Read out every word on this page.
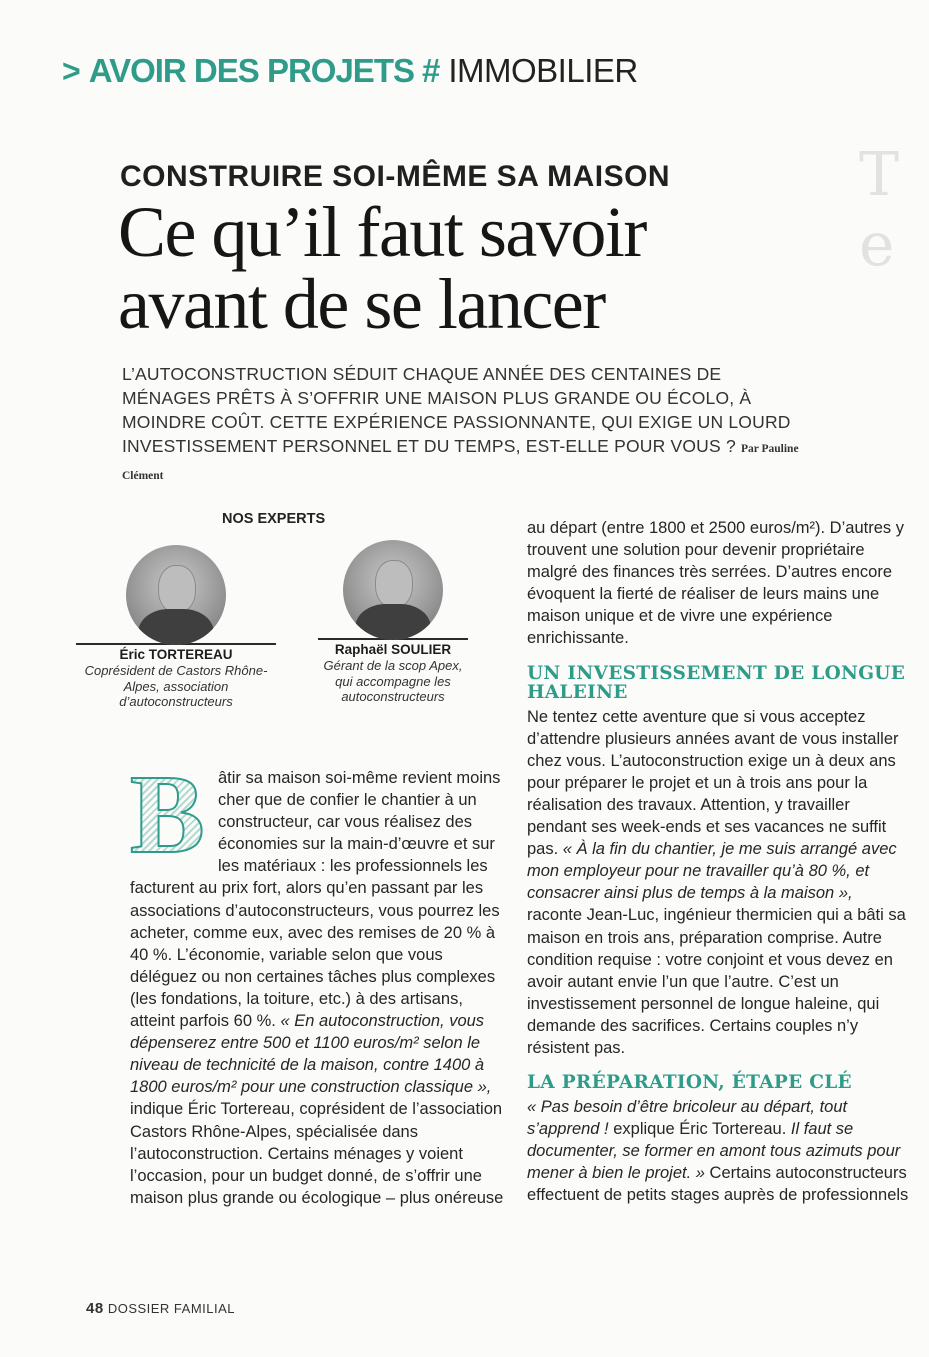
> AVOIR DES PROJETS # IMMOBILIER
T e
CONSTRUIRE SOI-MÊME SA MAISON
Ce qu’il faut savoir
avant de se lancer
L’AUTOCONSTRUCTION SÉDUIT CHAQUE ANNÉE DES CENTAINES DE MÉNAGES PRÊTS À S’OFFRIR UNE MAISON PLUS GRANDE OU ÉCOLO, À MOINDRE COÛT. CETTE EXPÉRIENCE PASSIONNANTE, QUI EXIGE UN LOURD INVESTISSEMENT PERSONNEL ET DU TEMPS, EST-ELLE POUR VOUS ? Par Pauline Clément
NOS EXPERTS
Éric TORTEREAU
Coprésident de Castors Rhône-Alpes, association d’autoconstructeurs
Raphaël SOULIER
Gérant de la scop Apex, qui accompagne les autoconstructeurs
B âtir sa maison soi-même revient moins cher que de confier le chantier à un constructeur, car vous réalisez des économies sur la main-d’œuvre et sur les matériaux : les professionnels les facturent au prix fort, alors qu’en passant par les associations d’autoconstructeurs, vous pourrez les acheter, comme eux, avec des remises de 20 % à 40 %. L’économie, variable selon que vous déléguez ou non certaines tâches plus complexes (les fondations, la toiture, etc.) à des artisans, atteint parfois 60 %. « En autoconstruction, vous dépenserez entre 500 et 1100 euros/m² selon le niveau de technicité de la maison, contre 1400 à 1800 euros/m² pour une construction classique », indique Éric Tortereau, coprésident de l’association Castors Rhône-Alpes, spécialisée dans l’autoconstruction. Certains ménages y voient l’occasion, pour un budget donné, de s’offrir une maison plus grande ou écologique – plus onéreuse

au départ (entre 1800 et 2500 euros/m²). D’autres y trouvent une solution pour devenir propriétaire malgré des finances très serrées. D’autres encore évoquent la fierté de réaliser de leurs mains une maison unique et de vivre une expérience enrichissante.

UN INVESTISSEMENT DE LONGUE HALEINE

Ne tentez cette aventure que si vous acceptez d’attendre plusieurs années avant de vous installer chez vous. L’autoconstruction exige un à deux ans pour préparer le projet et un à trois ans pour la réalisation des travaux. Attention, y travailler pendant ses week-ends et ses vacances ne suffit pas. « À la fin du chantier, je me suis arrangé avec mon employeur pour ne travailler qu’à 80 %, et consacrer ainsi plus de temps à la maison », raconte Jean-Luc, ingénieur thermicien qui a bâti sa maison en trois ans, préparation comprise. Autre condition requise : votre conjoint et vous devez en avoir autant envie l’un que l’autre. C’est un investissement personnel de longue haleine, qui demande des sacrifices. Certains couples n’y résistent pas.

LA PRÉPARATION, ÉTAPE CLÉ

« Pas besoin d’être bricoleur au départ, tout s’apprend ! explique Éric Tortereau. Il faut se documenter, se former en amont tous azimuts pour mener à bien le projet. » Certains autoconstructeurs effectuent de petits stages auprès de professionnels

48 DOSSIER FAMILIAL
